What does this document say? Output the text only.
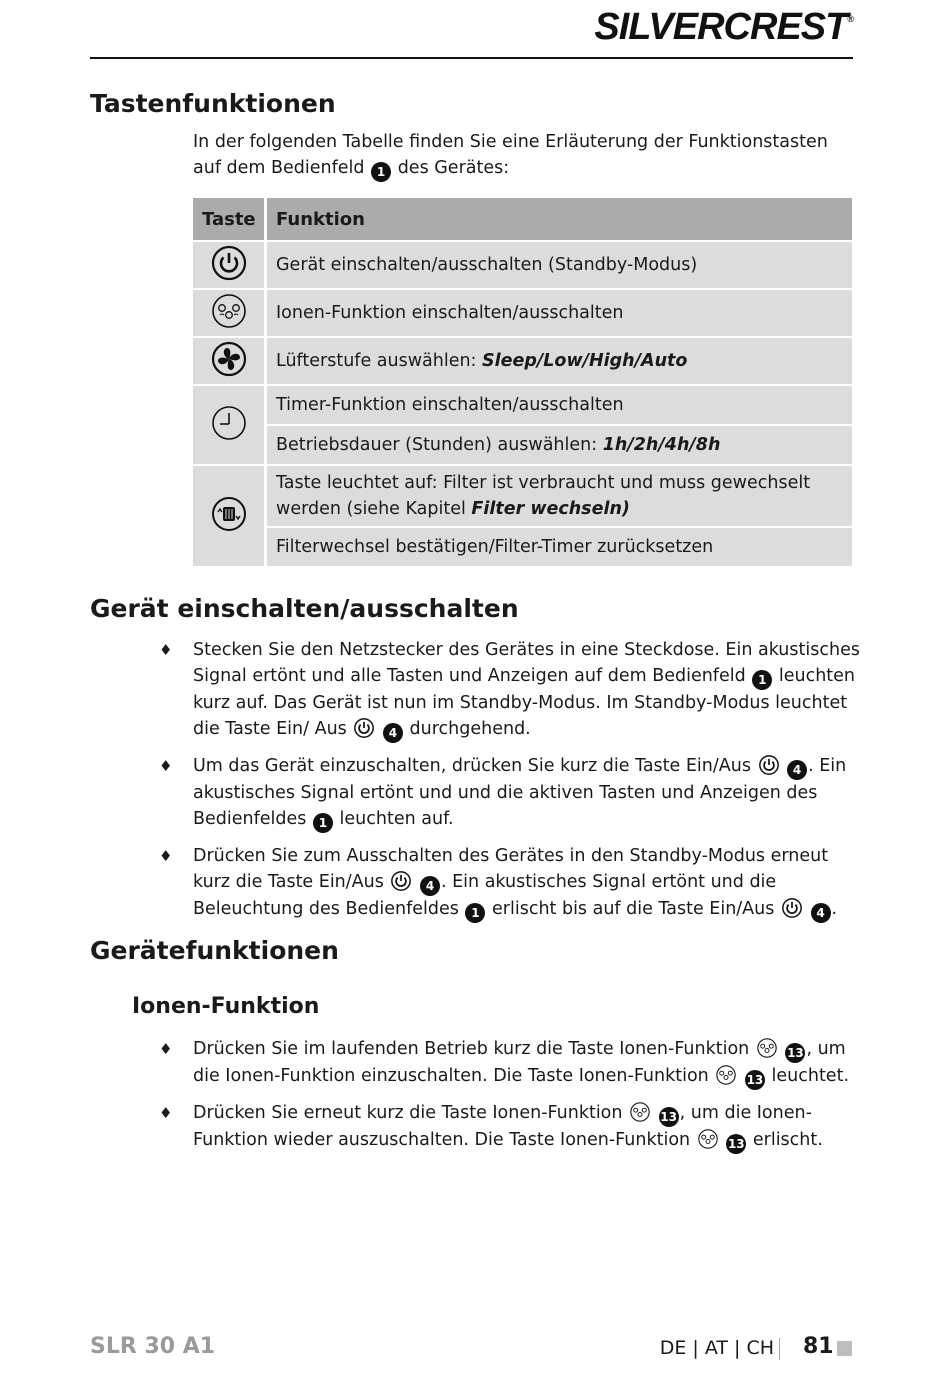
SILVERCREST®
Tastenfunktionen

In der folgenden Tabelle finden Sie eine Erläuterung der Funktionstasten auf dem Bedienfeld 1 des Gerätes:

Taste	Funktion
	Gerät einschalten/ausschalten (Standby-Modus)
	Ionen-Funktion einschalten/ausschalten
	Lüfterstufe auswählen: Sleep/Low/High/Auto
	Timer-Funktion einschalten/ausschalten
	Betriebsdauer (Stunden) auswählen: 1h/2h/4h/8h
	Taste leuchtet auf: Filter ist verbraucht und muss gewechselt werden (siehe Kapitel Filter wechseln)
	Filterwechsel bestätigen/Filter-Timer zurücksetzen
Gerät einschalten/ausschalten
♦ Stecken Sie den Netzstecker des Gerätes in eine Steckdose. Ein akustisches Signal ertönt und alle Tasten und Anzeigen auf dem Bedienfeld 1 leuchten kurz auf. Das Gerät ist nun im Standby-Modus. Im Standby-Modus leuchtet die Taste Ein/ Aus	4 durchgehend.
♦ Um das Gerät einzuschalten, drücken Sie kurz die Taste Ein/Aus	4 . Ein akustisches Signal ertönt und und die aktiven Tasten und Anzeigen des Bedienfeldes 1 leuchten auf.
♦ Drücken Sie zum Ausschalten des Gerätes in den Standby-Modus erneut kurz die Taste Ein/Aus	4 . Ein akustisches Signal ertönt und die Beleuchtung des Bedienfeldes 1 erlischt bis auf die Taste Ein/Aus	4 .
Gerätefunktionen
Ionen-Funktion
♦ Drücken Sie im laufenden Betrieb kurz die Taste Ionen-Funktion	13 , um die Ionen-Funktion einzuschalten. Die Taste Ionen-Funktion	13 leuchtet.
♦ Drücken Sie erneut kurz die Taste Ionen-Funktion	13 , um die Ionen-Funktion wieder auszuschalten. Die Taste Ionen-Funktion	13 erlischt.
SLR 30 A1	DE | AT | CH 81
